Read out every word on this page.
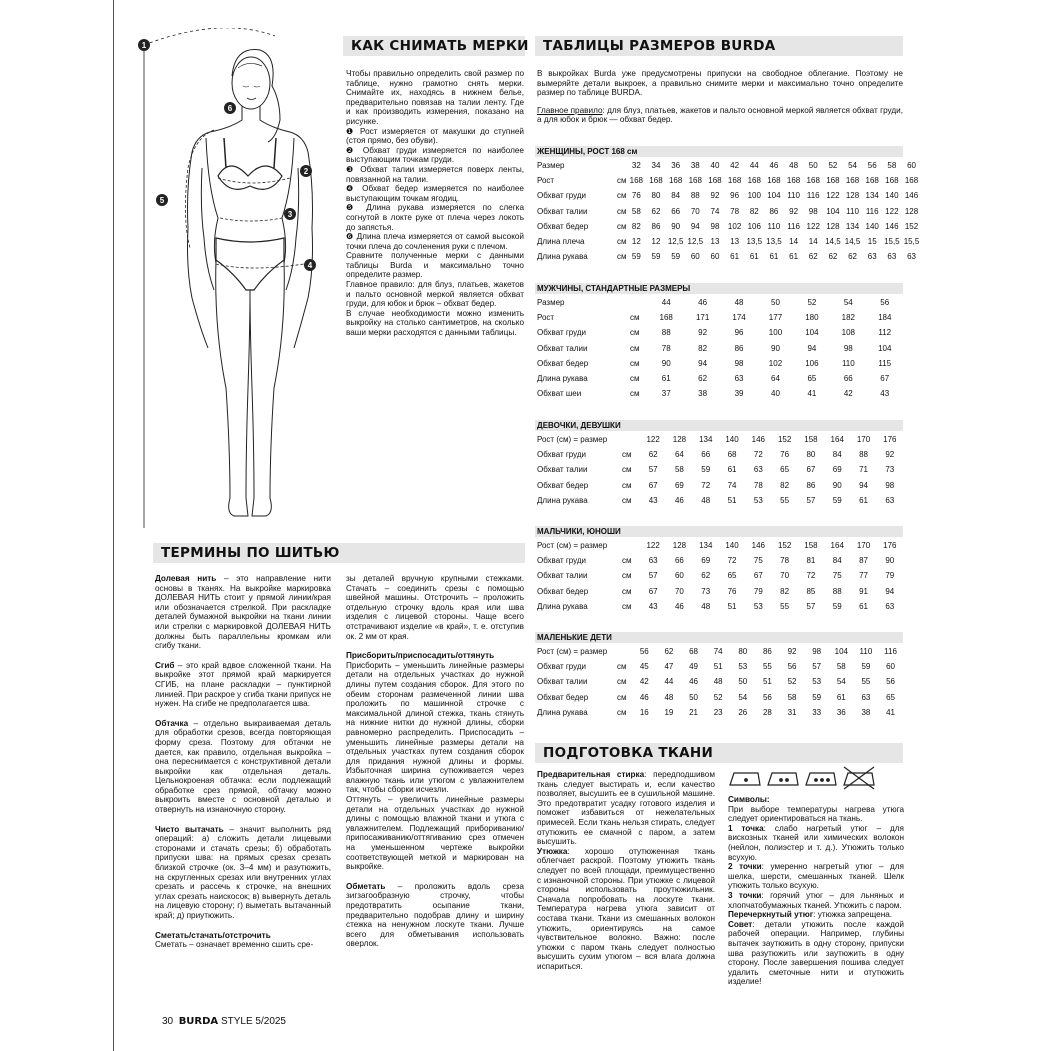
1
2
3
4
5
6
КАК СНИМАТЬ МЕРКИ	ТАБЛИЦЫ РАЗМЕРОВ BURDA
ТЕРМИНЫ ПО ШИТЬЮ
ПОДГОТОВКА ТКАНИ
Чтобы правильно определить свой размер по таблице, нужно грамотно снять мерки. Снимайте их, находясь в нижнем белье, предварительно повязав на талии ленту. Где и как производить измерения, показано на рисунке.
❶ Рост измеряется от макушки до ступней (стоя прямо, без обуви).
❷ Обхват груди измеряется по наиболее выступающим точкам груди.
❸ Обхват талии измеряется поверх ленты, повязанной на талии.
❹ Обхват бедер измеряется по наиболее выступающим точкам ягодиц.
❺ Длина рукава измеряется по слегка согнутой в локте руке от плеча через локоть до запястья.
❻ Длина плеча измеряется от самой высокой точки плеча до сочленения руки с плечом.
Сравните полученные мерки с данными таблицы Burda и максимально точно определите размер.
Главное правило: для блуз, платьев, жакетов и пальто основной меркой является обхват груди, для юбок и брюк – обхват бедер.
В случае необходимости можно изменить выкройку на столько сантиметров, на сколько ваши мерки расходятся с данными таблицы.
В выкройках Burda уже предусмотрены припуски на свободное облегание. Поэтому не вымеряйте детали выкроек, а правильно снимите мерки и максимально точно определите размер по таблице BURDA.
Главное правило: для блуз, платьев, жакетов и пальто основной меркой является обхват груди, а для юбок и брюк — обхват бедер.
ЖЕНЩИНЫ, РОСТ 168 см
Размер		32	34	36	38	40	42	44	46	48	50	52	54	56	58	60
Рост	см	168	168	168	168	168	168	168	168	168	168	168	168	168	168	168
Обхват груди	см	76	80	84	88	92	96	100	104	110	116	122	128	134	140	146
Обхват талии	см	58	62	66	70	74	78	82	86	92	98	104	110	116	122	128
Обхват бедер	см	82	86	90	94	98	102	106	110	116	122	128	134	140	146	152
Длина плеча	см	12	12	12,5	12,5	13	13	13,5	13,5	14	14	14,5	14,5	15	15,5	15,5
Длина рукава	см	59	59	59	60	60	61	61	61	61	62	62	62	63	63	63
МУЖЧИНЫ, СТАНДАРТНЫЕ РАЗМЕРЫ
Размер		44	46	48	50	52	54	56
Рост	см	168	171	174	177	180	182	184
Обхват груди	см	88	92	96	100	104	108	112
Обхват талии	см	78	82	86	90	94	98	104
Обхват бедер	см	90	94	98	102	106	110	115
Длина рукава	см	61	62	63	64	65	66	67
Обхват шеи	см	37	38	39	40	41	42	43
ДЕВОЧКИ, ДЕВУШКИ
Рост (см) = размер		122	128	134	140	146	152	158	164	170	176
Обхват груди	см	62	64	66	68	72	76	80	84	88	92
Обхват талии	см	57	58	59	61	63	65	67	69	71	73
Обхват бедер	см	67	69	72	74	78	82	86	90	94	98
Длина рукава	см	43	46	48	51	53	55	57	59	61	63
МАЛЬЧИКИ, ЮНОШИ
Рост (см) = размер		122	128	134	140	146	152	158	164	170	176
Обхват груди	см	63	66	69	72	75	78	81	84	87	90
Обхват талии	см	57	60	62	65	67	70	72	75	77	79
Обхват бедер	см	67	70	73	76	79	82	85	88	91	94
Длина рукава	см	43	46	48	51	53	55	57	59	61	63
МАЛЕНЬКИЕ ДЕТИ
Рост (см) = размер		56	62	68	74	80	86	92	98	104	110	116
Обхват груди	см	45	47	49	51	53	55	56	57	58	59	60
Обхват талии	см	42	44	46	48	50	51	52	53	54	55	56
Обхват бедер	см	46	48	50	52	54	56	58	59	61	63	65
Длина рукава	см	16	19	21	23	26	28	31	33	36	38	41
Долевая нить – это направление нити основы в тканях. На выкройке маркировка ДОЛЕВАЯ НИТЬ стоит у прямой линии/края или обозначается стрелкой. При раскладке деталей бумажной выкройки на ткани линии или стрелки с маркировкой ДОЛЕВАЯ НИТЬ должны быть параллельны кромкам или сгибу ткани.
Сгиб – это край вдвое сложенной ткани. На выкройке этот прямой край маркируется СГИБ, на плане раскладки – пунктирной линией. При раскрое у сгиба ткани припуск не нужен. На сгибе не предполагается шва.
Обтачка – отдельно выкраиваемая деталь для обработки срезов, всегда повторяющая форму среза. Поэтому для обтачки не дается, как правило, отдельная выкройка – она переснимается с конструктивной детали выкройки как отдельная деталь. Цельнокроеная обтачка: если подлежащий обработке срез прямой, обтачку можно выкроить вместе с основной деталью и отвернуть на изнаночную сторону.
Чисто вытачать – значит выполнить ряд операций: а) сложить детали лицевыми сторонами и стачать срезы; б) обработать припуски шва: на прямых срезах срезать близкой строчке (ок. 3–4 мм) и разутюжить, на скругленных срезах или внутренних углах срезать и рассечь к строчке, на внешних углах срезать наискосок; в) вывернуть деталь на лицевую сторону; г) выметать вытачанный край; д) приутюжить.
Сметать/стачать/отстрочить
Сметать – означает временно сшить сре-
зы деталей вручную крупными стежками. Стачать – соединить срезы с помощью швейной машины. Отстрочить – проложить отдельную строчку вдоль края или шва изделия с лицевой стороны. Чаще всего отстрачивают изделие «в край», т. е. отступив ок. 2 мм от края.
Присборить/приспосадить/оттянуть
Присборить – уменьшить линейные размеры детали на отдельных участках до нужной длины путем создания сборок. Для этого по обеим сторонам размеченной линии шва проложить по машинной строчке с максимальной длиной стежка, ткань стянуть на нижние нитки до нужной длины, сборки равномерно распределить. Приспосадить – уменьшить линейные размеры детали на отдельных участках путем создания сборок для придания нужной длины и формы. Избыточная ширина сутюживается через влажную ткань или утюгом с увлажнителем так, чтобы сборки исчезли.
Оттянуть – увеличить линейные размеры детали на отдельных участках до нужной длины с помощью влажной ткани и утюга с увлажнителем. Подлежащий прибориванию/припосаживанию/оттягиванию срез отмечен на уменьшенном чертеже выкройки соответствующей меткой и маркирован на выкройке.
Обметать – проложить вдоль среза зигзагообразную строчку, чтобы предотвратить осыпание ткани, предварительно подобрав длину и ширину стежка на ненужном лоскуте ткани. Лучше всего для обметывания использовать оверлок.
Предварительная стирка: передподшивом ткань следует выстирать и, если качество позволяет, высушить ее в сушильной машине. Это предотвратит усадку готового изделия и поможет избавиться от нежелательных примесей. Если ткань нельзя стирать, следует отутюжить ее смачной с паром, а затем высушить.
Утюжка: хорошо отутюженная ткань облегчает раскрой. Поэтому утюжить ткань следует по всей площади, преимущественно с изнаночной стороны. При утюжке с лицевой стороны использовать проутюжильник. Сначала попробовать на лоскуте ткани. Температура нагрева утюга зависит от состава ткани. Ткани из смешанных волокон утюжить, ориентируясь на самое чувствительное волокно. Важно: после утюжки с паром ткань следует полностью высушить сухим утюгом – вся влага должна испариться.
Символы:
При выборе температуры нагрева утюга следует ориентироваться на ткань.
1 точка: слабо нагретый утюг – для вискозных тканей или химических волокон (нейлон, полиэстер и т. д.). Утюжить только всухую.
2 точки: умеренно нагретый утюг – для шелка, шерсти, смешанных тканей. Шелк утюжить только всухую.
3 точки: горячий утюг – для льняных и хлопчатобумажных тканей. Утюжить с паром.
Перечеркнутый утюг: утюжка запрещена.
Совет: детали утюжить после каждой рабочей операции. Например, глубины вытачек заутюжить в одну сторону, припуски шва разутюжить или заутюжить в одну сторону. После завершения пошива следует удалить сметочные нити и отутюжить изделие!
30 BURDA STYLE 5/2025
